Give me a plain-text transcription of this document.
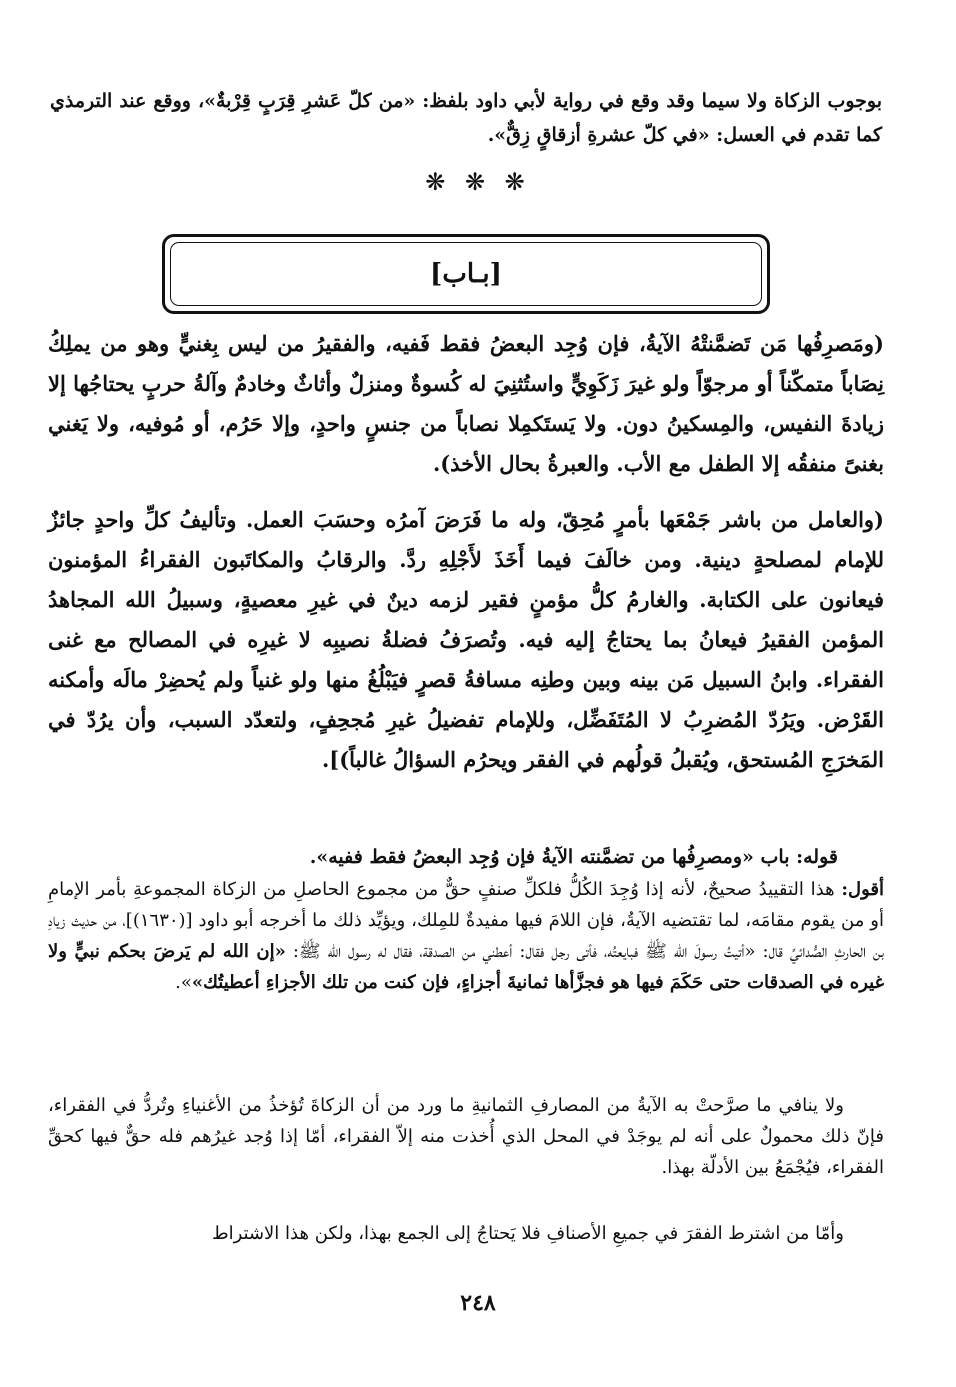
بوجوب الزكاة ولا سيما وقد وقع في رواية لأبي داود بلفظ: «من كلّ عَشرِ قِرَبٍ قِرْبةٌ»، ووقع عند الترمذي كما تقدم في العسل: «في كلّ عشرةِ أزقاقٍ زِقٌّ».

❋ ❋ ❋
[بـاب]

(ومَصرِفُها مَن تَضمَّنتْهُ الآيةُ، فإن وُجِد البعضُ فقط فَفيه، والفقيرُ من ليس بِغنيٍّ وهو من يملِكُ نِصَاباً متمكّناً أو مرجوّاً ولو غيرَ زَكَوِيٍّ واستُثنِيَ له كُسوةٌ ومنزلٌ وأثاثٌ وخادمٌ وآلةُ حربٍ يحتاجُها إلا زيادةَ النفيس، والمِسكينُ دون. ولا يَستَكمِلا نصاباً من جنسٍ واحدٍ، وإلا حَرُم، أو مُوفيه، ولا يَغني بغنىً منفقُه إلا الطفل مع الأب. والعبرةُ بحال الأخذ).

(والعامل من باشر جَمْعَها بأمرٍ مُحِقّ، وله ما فَرَضَ آمرُه وحسَبَ العمل. وتأليفُ كلِّ واحدٍ جائزٌ للإمام لمصلحةٍ دينية. ومن خالَفَ فيما أَخَذَ لأَجْلِهِ ردَّ. والرقابُ والمكاتَبون الفقراءُ المؤمنون فيعانون على الكتابة. والغارمُ كلُّ مؤمنٍ فقير لزمه دينٌ في غيرِ معصيةٍ، وسبيلُ الله المجاهدُ المؤمن الفقيرُ فيعانُ بما يحتاجُ إليه فيه. وتُصرَفُ فضلةُ نصيبِه لا غيرِه في المصالح مع غنى الفقراء. وابنُ السبيل مَن بينه وبين وطنِه مسافةُ قصرٍ فيَبْلُغُ منها ولو غنياً ولم يُحضِرْ مالَه وأمكنه القَرْض. ويَرُدّ المُضرِبُ لا المُتَفَضِّل، وللإمام تفضيلُ غيرِ مُجحِفٍ، ولتعدّد السبب، وأن يرُدّ في المَخرَجِ المُستحق، ويُقبلُ قولُهم في الفقر ويحرُم السؤالُ غالباً)].

قوله: باب «ومصرِفُها من تضمَّنته الآيةُ فإن وُجِد البعضُ فقط ففيه».

أقول: هذا التقييدُ صحيحٌ، لأنه إذا وُجِدَ الكُلُّ فلكلِّ صنفٍ حقٌّ من مجموع الحاصلِ من الزكاة المجموعةِ بأمر الإمامِ أو من يقوم مقامَه، لما تقتضيه الآيةُ، فإن اللامَ فيها مفيدةٌ للمِلك، ويؤيِّد ذلك ما أخرجه أبو داود [(١٦٣٠)]، من حديث زيادِ بن الحارثِ الصُّدائيِّ قال: «أتيتُ رسولَ الله ﷺ فبايعتُه، فأتى رجل فقال: أعطني من الصدقة، فقال له رسول الله ﷺ: «إن الله لم يَرضَ بحكم نبيٍّ ولا غيره في الصدقات حتى حَكَمَ فيها هو فجزَّأها ثمانيةَ أجزاءٍ، فإن كنت من تلك الأجزاءِ أعطيتُك»».

ولا ينافي ما صرَّحتْ به الآيةُ من المصارفِ الثمانيةِ ما ورد من أن الزكاةَ تُؤخذُ من الأغنياءِ وتُردُّ في الفقراء، فإنّ ذلك محمولٌ على أنه لم يوجَدْ في المحل الذي أُخذت منه إلاّ الفقراء، أمّا إذا وُجد غيرُهم فله حقٌّ فيها كحقِّ الفقراء، فيُجْمَعُ بين الأدلّة بهذا.

وأمّا من اشترط الفقرَ في جميعِ الأصنافِ فلا يَحتاجُ إلى الجمع بهذا، ولكن هذا الاشتراط

٢٤٨
